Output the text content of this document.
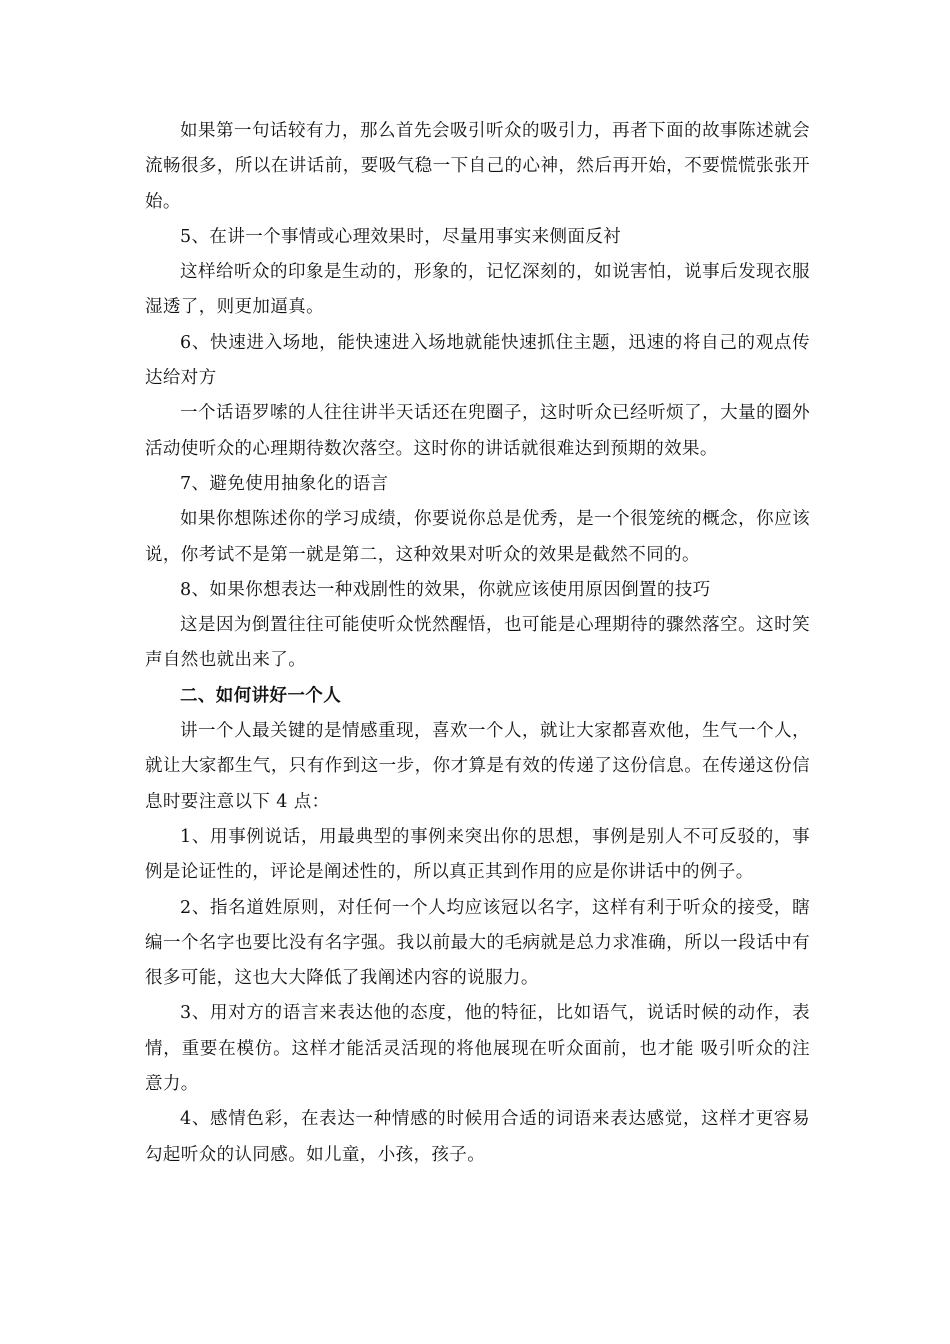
如果第一句话较有力，那么首先会吸引听众的吸引力，再者下面的故事陈述就会流畅很多，所以在讲话前，要吸气稳一下自己的心神，然后再开始，不要慌慌张张开始。

5、在讲一个事情或心理效果时，尽量用事实来侧面反衬

这样给听众的印象是生动的，形象的，记忆深刻的，如说害怕，说事后发现衣服湿透了，则更加逼真。

6、快速进入场地，能快速进入场地就能快速抓住主题，迅速的将自己的观点传达给对方

一个话语罗嗦的人往往讲半天话还在兜圈子，这时听众已经听烦了，大量的圈外活动使听众的心理期待数次落空。这时你的讲话就很难达到预期的效果。

7、避免使用抽象化的语言

如果你想陈述你的学习成绩，你要说你总是优秀，是一个很笼统的概念，你应该说，你考试不是第一就是第二，这种效果对听众的效果是截然不同的。

8、如果你想表达一种戏剧性的效果，你就应该使用原因倒置的技巧

这是因为倒置往往可能使听众恍然醒悟，也可能是心理期待的骤然落空。这时笑声自然也就出来了。

二、如何讲好一个人

讲一个人最关键的是情感重现，喜欢一个人，就让大家都喜欢他，生气一个人，就让大家都生气，只有作到这一步，你才算是有效的传递了这份信息。在传递这份信息时要注意以下 4 点：

1、用事例说话，用最典型的事例来突出你的思想，事例是别人不可反驳的，事例是论证性的，评论是阐述性的，所以真正其到作用的应是你讲话中的例子。

2、指名道姓原则，对任何一个人均应该冠以名字，这样有利于听众的接受，瞎编一个名字也要比没有名字强。我以前最大的毛病就是总力求准确，所以一段话中有很多可能，这也大大降低了我阐述内容的说服力。

3、用对方的语言来表达他的态度，他的特征，比如语气，说话时候的动作，表情，重要在模仿。这样才能活灵活现的将他展现在听众面前，也才能 吸引听众的注意力。

4、感情色彩，在表达一种情感的时候用合适的词语来表达感觉，这样才更容易勾起听众的认同感。如儿童，小孩，孩子。
